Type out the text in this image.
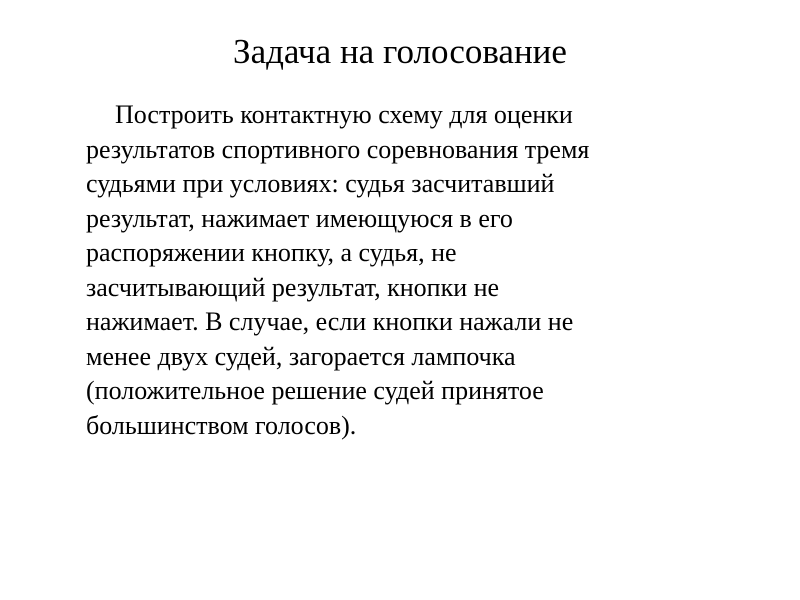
Задача на голосование

Построить контактную схему для оценки
результатов спортивного соревнования тремя
судьями при условиях: судья засчитавший
результат, нажимает имеющуюся в его
распоряжении кнопку, а судья, не
засчитывающий результат, кнопки не
нажимает. В случае, если кнопки нажали не
менее двух судей, загорается лампочка
(положительное решение судей принятое
большинством голосов).
